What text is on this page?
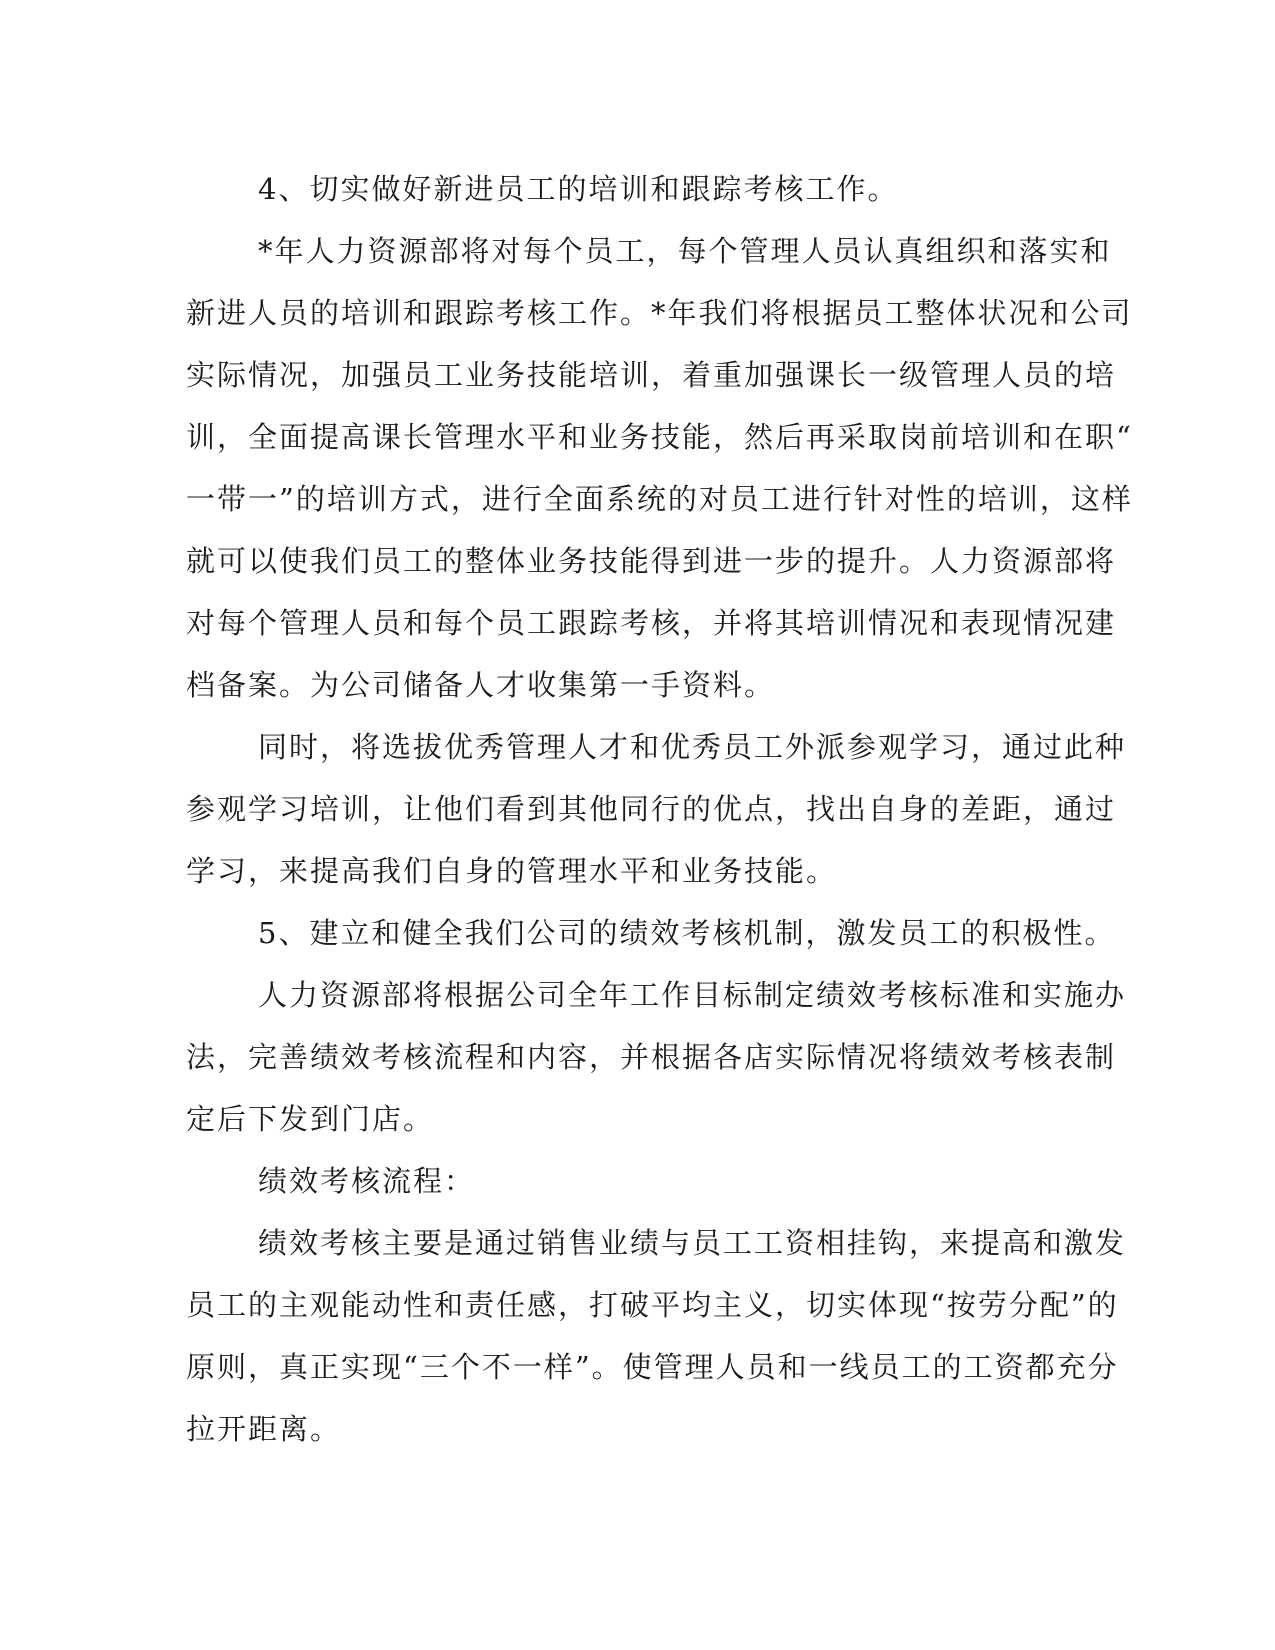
4、切实做好新进员工的培训和跟踪考核工作。
*年人力资源部将对每个员工，每个管理人员认真组织和落实和
新进人员的培训和跟踪考核工作。*年我们将根据员工整体状况和公司
实际情况，加强员工业务技能培训，着重加强课长一级管理人员的培
训，全面提高课长管理水平和业务技能，然后再采取岗前培训和在职“
一带一”的培训方式，进行全面系统的对员工进行针对性的培训，这样
就可以使我们员工的整体业务技能得到进一步的提升。人力资源部将
对每个管理人员和每个员工跟踪考核，并将其培训情况和表现情况建
档备案。为公司储备人才收集第一手资料。
同时，将选拔优秀管理人才和优秀员工外派参观学习，通过此种
参观学习培训，让他们看到其他同行的优点，找出自身的差距，通过
学习，来提高我们自身的管理水平和业务技能。
5、建立和健全我们公司的绩效考核机制，激发员工的积极性。
人力资源部将根据公司全年工作目标制定绩效考核标准和实施办
法，完善绩效考核流程和内容，并根据各店实际情况将绩效考核表制
定后下发到门店。
绩效考核流程：
绩效考核主要是通过销售业绩与员工工资相挂钩，来提高和激发
员工的主观能动性和责任感，打破平均主义，切实体现“按劳分配”的
原则，真正实现“三个不一样”。使管理人员和一线员工的工资都充分
拉开距离。
